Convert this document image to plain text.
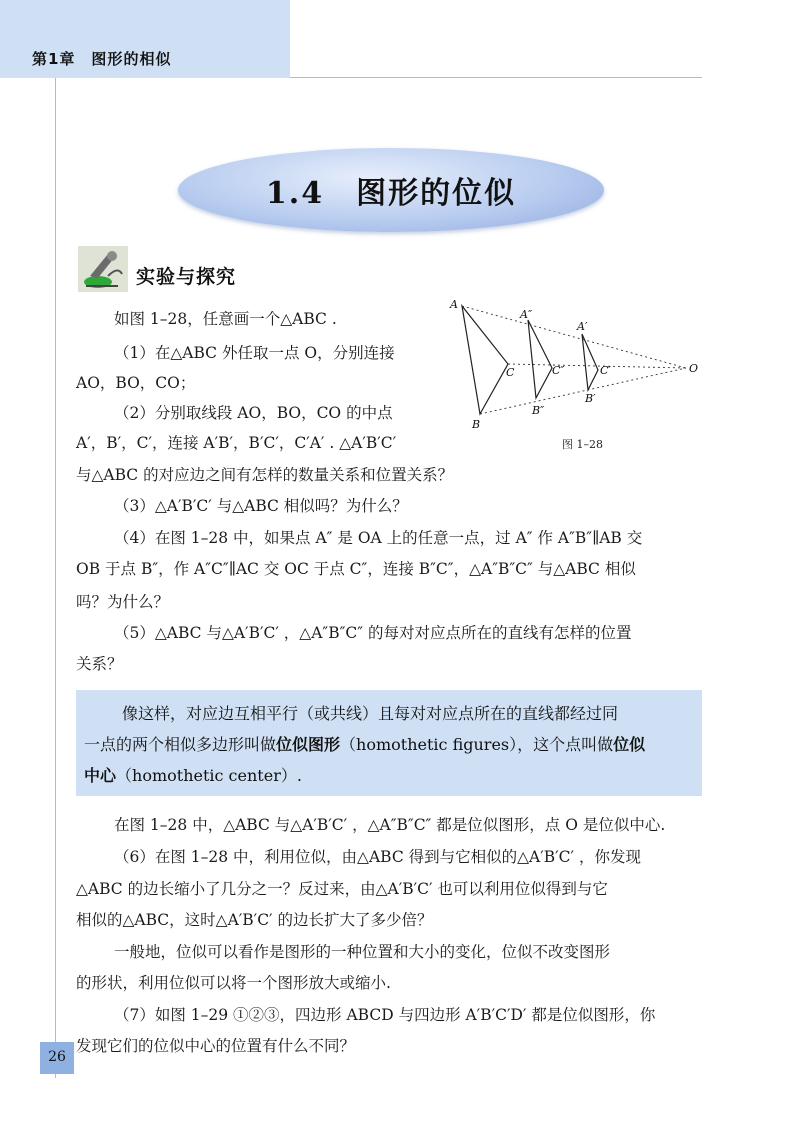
第1章　图形的相似
1.4　图形的位似
实验与探究
如图 1–28，任意画一个△ABC .
（1）在△ABC 外任取一点 O，分别连接
AO，BO，CO；
（2）分别取线段 AO，BO，CO 的中点
A′，B′，C′，连接 A′B′，B′C′，C′A′ . △A′B′C′
与△ABC 的对应边之间有怎样的数量关系和位置关系？
（3）△A′B′C′ 与△ABC 相似吗？为什么？
（4）在图 1–28 中，如果点 A″ 是 OA 上的任意一点，过 A″ 作 A″B″∥AB 交
OB 于点 B″，作 A″C″∥AC 交 OC 于点 C″，连接 B″C″，△A″B″C″ 与△ABC 相似
吗？为什么？
（5）△ABC 与△A′B′C′ ，△A″B″C″ 的每对对应点所在的直线有怎样的位置
关系？
A
B
C
A″
B″
C″
A′
B′
C′	O
图 1–28
像这样，对应边互相平行（或共线）且每对对应点所在的直线都经过同
一点的两个相似多边形叫做位似图形（homothetic figures），这个点叫做位似
中心（homothetic center）.
在图 1–28 中，△ABC 与△A′B′C′ ，△A″B″C″ 都是位似图形，点 O 是位似中心.
（6）在图 1–28 中，利用位似，由△ABC 得到与它相似的△A′B′C′ ，你发现
△ABC 的边长缩小了几分之一？反过来，由△A′B′C′ 也可以利用位似得到与它
相似的△ABC，这时△A′B′C′ 的边长扩大了多少倍？
一般地，位似可以看作是图形的一种位置和大小的变化，位似不改变图形
的形状，利用位似可以将一个图形放大或缩小.
（7）如图 1–29 ①②③，四边形 ABCD 与四边形 A′B′C′D′ 都是位似图形，你
发现它们的位似中心的位置有什么不同？
26
